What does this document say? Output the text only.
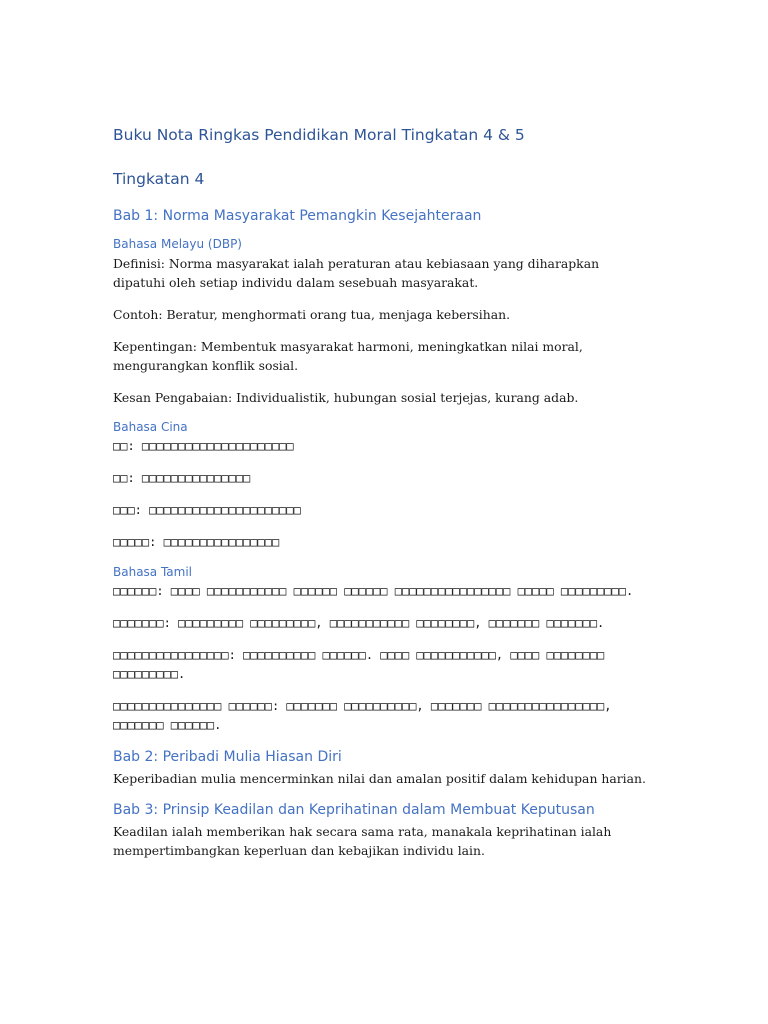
Buku Nota Ringkas Pendidikan Moral Tingkatan 4 & 5
Tingkatan 4
Bab 1: Norma Masyarakat Pemangkin Kesejahteraan
Bahasa Melayu (DBP)

Definisi: Norma masyarakat ialah peraturan atau kebiasaan yang diharapkan dipatuhi oleh setiap individu dalam sesebuah masyarakat.

Contoh: Beratur, menghormati orang tua, menjaga kebersihan.

Kepentingan: Membentuk masyarakat harmoni, meningkatkan nilai moral, mengurangkan konflik sosial.

Kesan Pengabaian: Individualistik, hubungan sosial terjejas, kurang adab.

Bahasa Cina

□□: □□□□□□□□□□□□□□□□□□□□□

□□: □□□□□□□□□□□□□□□

□□□: □□□□□□□□□□□□□□□□□□□□□

□□□□□: □□□□□□□□□□□□□□□□

Bahasa Tamil

□□□□□□: □□□□ □□□□□□□□□□□ □□□□□□ □□□□□□ □□□□□□□□□□□□□□□□ □□□□□ □□□□□□□□□.

□□□□□□□: □□□□□□□□□ □□□□□□□□□, □□□□□□□□□□□ □□□□□□□□, □□□□□□□ □□□□□□□.

□□□□□□□□□□□□□□□□: □□□□□□□□□□ □□□□□□. □□□□ □□□□□□□□□□□, □□□□ □□□□□□□□ □□□□□□□□□.

□□□□□□□□□□□□□□□ □□□□□□: □□□□□□□ □□□□□□□□□□, □□□□□□□ □□□□□□□□□□□□□□□□, □□□□□□□ □□□□□□.

Bab 2: Peribadi Mulia Hiasan Diri

Keperibadian mulia mencerminkan nilai dan amalan positif dalam kehidupan harian.

Bab 3: Prinsip Keadilan dan Keprihatinan dalam Membuat Keputusan

Keadilan ialah memberikan hak secara sama rata, manakala keprihatinan ialah mempertimbangkan keperluan dan kebajikan individu lain.
